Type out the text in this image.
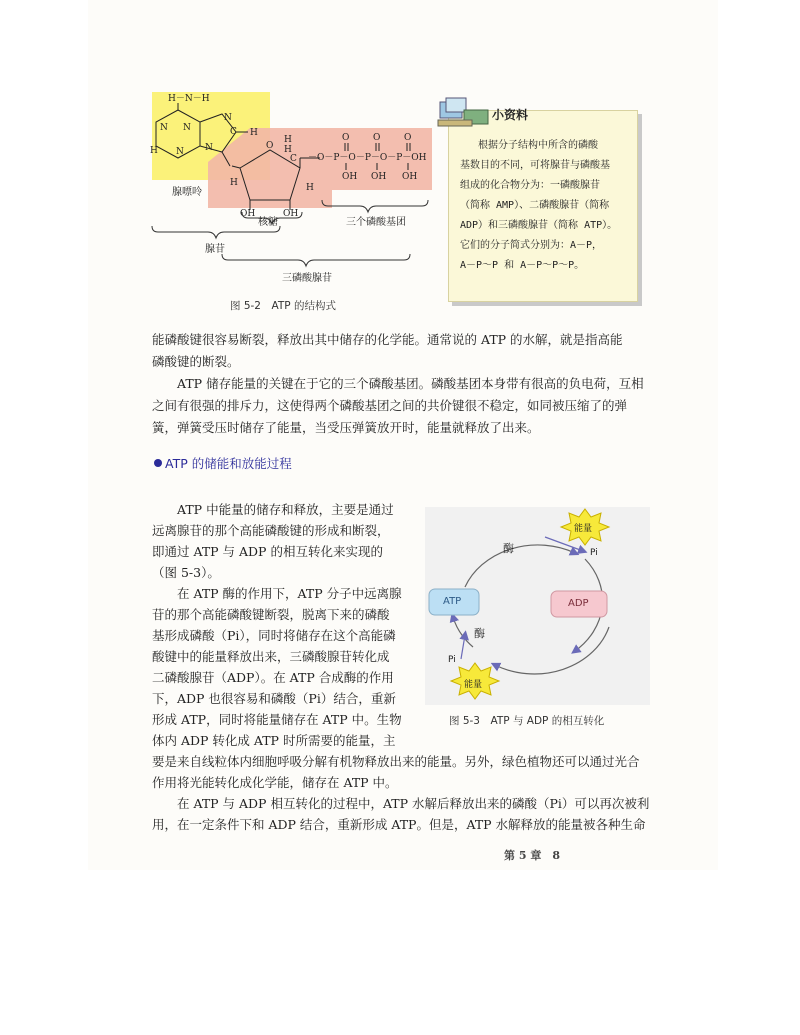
H－N－H
N
N
N
H
H	N
N
C
O
H	H
OH	OH
H
H
C －O－P－O－P－O－P－OH
O	O	O
OH OH OH
腺嘌呤
核糖	三个磷酸基团
腺苷
三磷酸腺苷
图 5-2　ATP 的结构式
小资料
根据分子结构中所含的磷酸
基数目的不同，可将腺苷与磷酸基
组成的化合物分为：一磷酸腺苷
（简称 AMP）、二磷酸腺苷（简称
ADP）和三磷酸腺苷（简称 ATP）。
它们的分子简式分别为：A－P，
A－P～P 和 A－P～P～P。
能磷酸键很容易断裂，释放出其中储存的化学能。通常说的 ATP 的水解，就是指高能
磷酸键的断裂。
　　ATP 储存能量的关键在于它的三个磷酸基团。磷酸基团本身带有很高的负电荷，互相
之间有很强的排斥力，这使得两个磷酸基团之间的共价键很不稳定，如同被压缩了的弹
簧，弹簧受压时储存了能量，当受压弹簧放开时，能量就释放了出来。
ATP 的储能和放能过程
　　ATP 中能量的储存和释放，主要是通过
远离腺苷的那个高能磷酸键的形成和断裂，
即通过 ATP 与 ADP 的相互转化来实现的
（图 5-3）。
　　在 ATP 酶的作用下，ATP 分子中远离腺
苷的那个高能磷酸键断裂，脱离下来的磷酸
基形成磷酸（Pi），同时将储存在这个高能磷
酸键中的能量释放出来，三磷酸腺苷转化成
二磷酸腺苷（ADP）。在 ATP 合成酶的作用
下，ADP 也很容易和磷酸（Pi）结合，重新
形成 ATP，同时将能量储存在 ATP 中。生物
体内 ADP 转化成 ATP 时所需要的能量，主
ATP	ADP
酶
酶
能量
能量
Pi
Pi
图 5-3　ATP 与 ADP 的相互转化
要是来自线粒体内细胞呼吸分解有机物释放出来的能量。另外，绿色植物还可以通过光合
作用将光能转化成化学能，储存在 ATP 中。
　　在 ATP 与 ADP 相互转化的过程中，ATP 水解后释放出来的磷酸（Pi）可以再次被利
用，在一定条件下和 ADP 结合，重新形成 ATP。但是，ATP 水解释放的能量被各种生命
第 5 章　8
